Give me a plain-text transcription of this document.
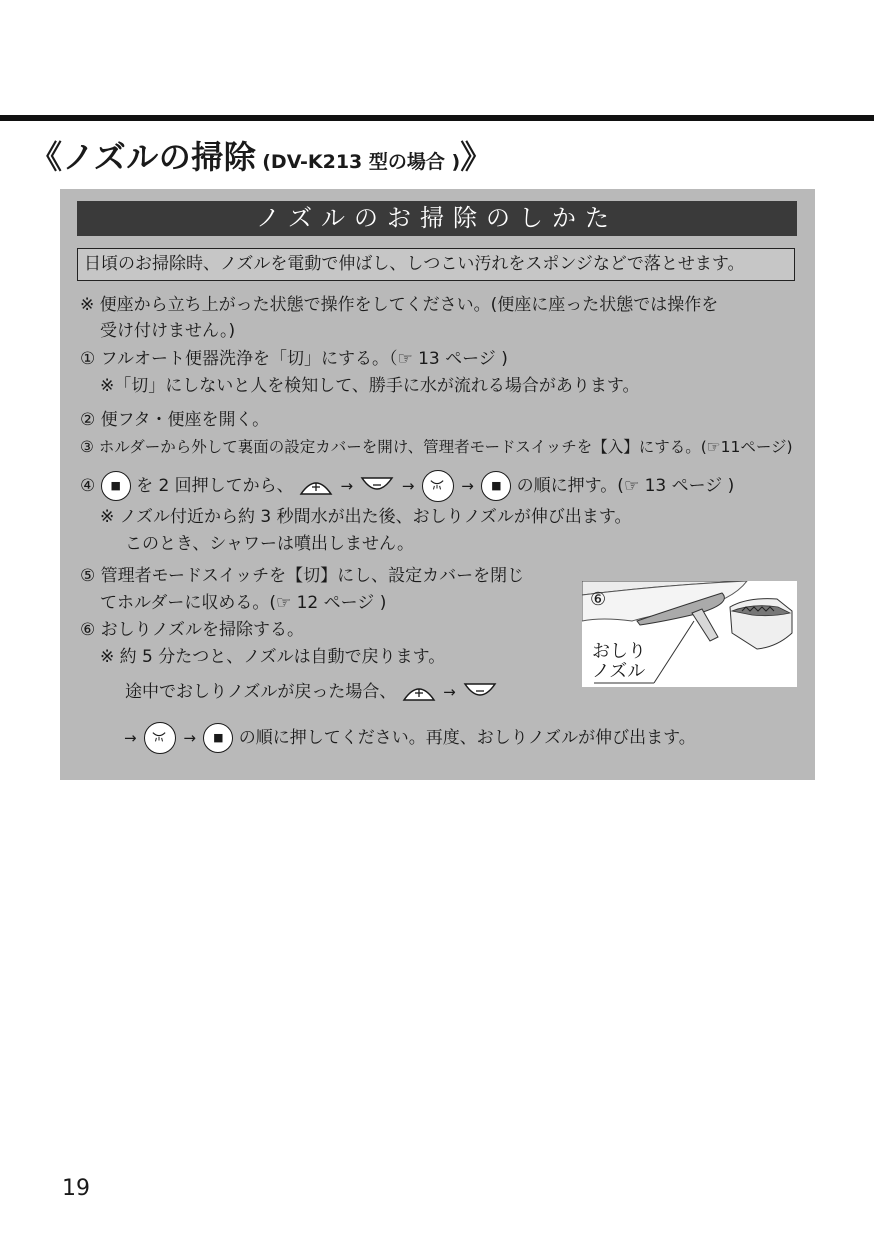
《ノズルの掃除 (DV-K213 型の場合 )》
ノズルのお掃除のしかた
日頃のお掃除時、ノズルを電動で伸ばし、しつこい汚れをスポンジなどで落とせます。
※ 便座から立ち上がった状態で操作をしてください。(便座に座った状態では操作を
受け付けません。)
① フルオート便器洗浄を「切」にする。（☞ 13 ページ )
※「切」にしないと人を検知して、勝手に水が流れる場合があります。
② 便フタ・便座を開く。
③ ホルダーから外して裏面の設定カバーを開け、管理者モードスイッチを【入】にする。(☞11ページ)
④ ■ を 2 回押してから、	→	→	→ ■ の順に押す。(☞ 13 ページ )
※ ノズル付近から約 3 秒間水が出た後、おしりノズルが伸び出ます。
このとき、シャワーは噴出しません。
⑤ 管理者モードスイッチを【切】にし、設定カバーを閉じ
てホルダーに収める。(☞ 12 ページ )
⑥ おしりノズルを掃除する。
※ 約 5 分たつと、ノズルは自動で戻ります。
途中でおしりノズルが戻った場合、	→
→	→ ■ の順に押してください。再度、おしりノズルが伸び出ます。
⑥
おしり
ノズル
19
